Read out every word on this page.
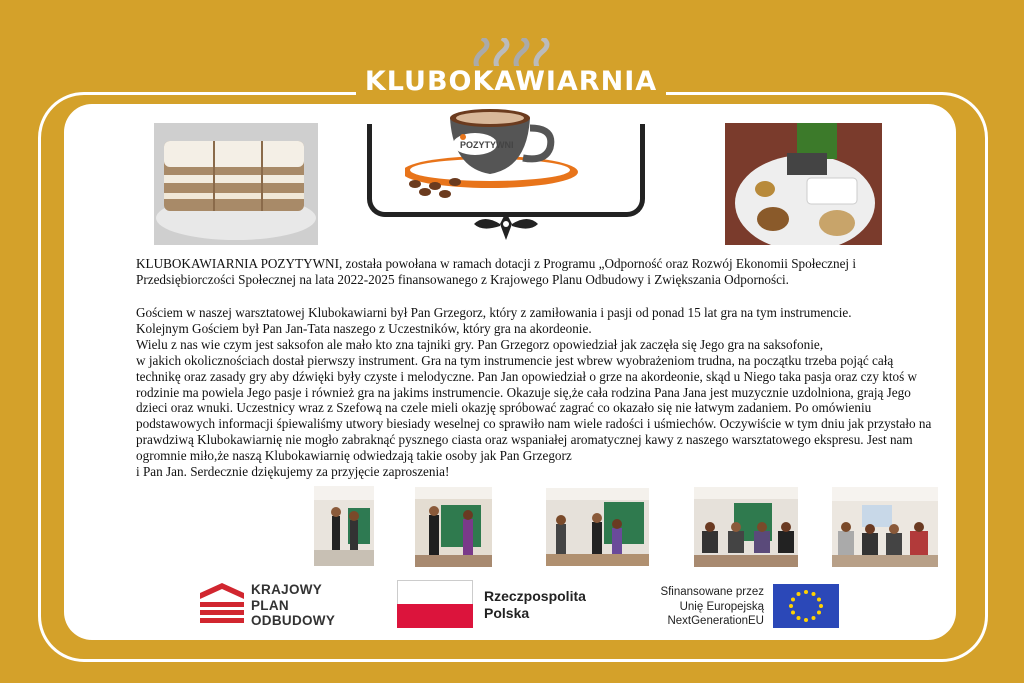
KLUBOKAWIARNIA
POZYTYWNI

KLUBOKAWIARNIA POZYTYWNI, została powołana w ramach dotacji z Programu „Odporność oraz Rozwój Ekonomii Społecznej i Przedsiębiorczości Społecznej na lata 2022-2025 finansowanego z Krajowego Planu Odbudowy i Zwiększania Odporności.

Gościem w naszej warsztatowej Klubokawiarni był Pan Grzegorz, który z zamiłowania i pasji od ponad 15 lat gra na tym instrumencie.
Kolejnym Gościem był Pan Jan-Tata naszego z Uczestników, który gra na akordeonie.
Wielu z nas wie czym jest saksofon ale mało kto zna tajniki gry. Pan Grzegorz opowiedział jak zaczęła się Jego gra na saksofonie,
w jakich okolicznościach dostał pierwszy instrument. Gra na tym instrumencie jest wbrew wyobrażeniom trudna, na początku trzeba pojąć całą technikę oraz zasady gry aby dźwięki były czyste i melodyczne. Pan Jan opowiedział o grze na akordeonie, skąd u Niego taka pasja oraz czy ktoś w rodzinie ma powiela Jego pasje i również gra na jakims instrumencie. Okazuje się,że cała rodzina Pana Jana jest muzycznie uzdolniona, grają Jego dzieci oraz wnuki. Uczestnicy wraz z Szefową na czele mieli okazję spróbować zagrać co okazało się nie łatwym zadaniem. Po omówieniu podstawowych informacji śpiewaliśmy utwory biesiady weselnej co sprawiło nam wiele radości i uśmiechów. Oczywiście w tym dniu jak przystało na prawdziwą Klubokawiarnię nie mogło zabraknąć pysznego ciasta oraz wspaniałej aromatycznej kawy z naszego warsztatowego ekspresu. Jest nam ogromnie miło,że naszą Klubokawiarnię odwiedzają takie osoby jak Pan Grzegorz
i Pan Jan. Serdecznie dziękujemy za przyjęcie zaproszenia!

KRAJOWY
PLAN
ODBUDOWY

Rzeczpospolita
Polska

Sfinansowane przez
Unię Europejską
NextGenerationEU
